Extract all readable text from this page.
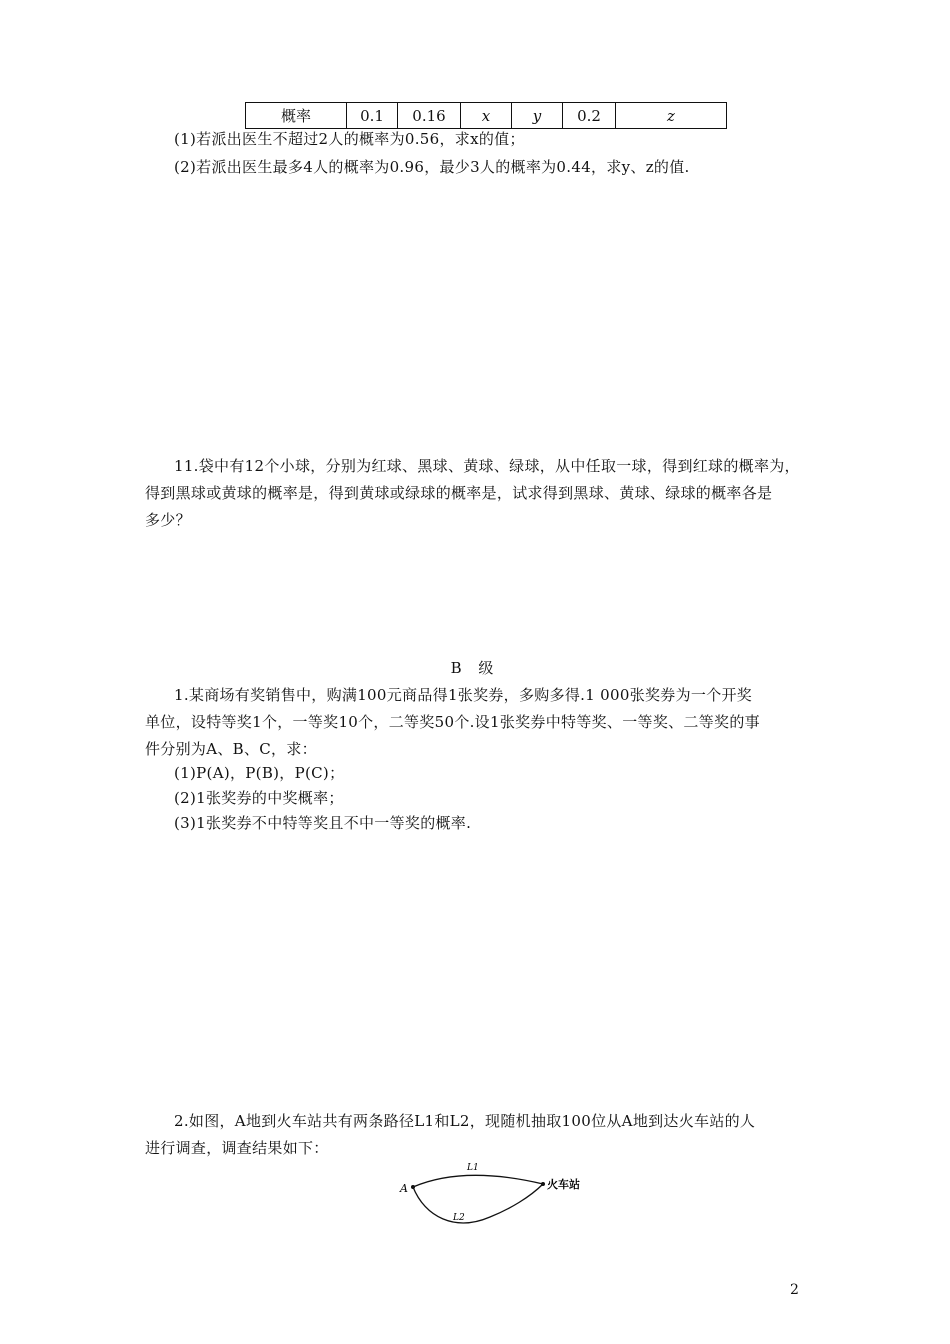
概率	0.1	0.16	x	y	0.2	z
(1)若派出医生不超过2人的概率为0.56，求x的值；
(2)若派出医生最多4人的概率为0.96，最少3人的概率为0.44，求y、z的值.
11.袋中有12个小球，分别为红球、黑球、黄球、绿球，从中任取一球，得到红球的概率为，
得到黑球或黄球的概率是，得到黄球或绿球的概率是，试求得到黑球、黄球、绿球的概率各是
多少？
B 级
1.某商场有奖销售中，购满100元商品得1张奖券，多购多得.1 000张奖券为一个开奖
单位，设特等奖1个，一等奖10个，二等奖50个.设1张奖券中特等奖、一等奖、二等奖的事
件分别为A、B、C，求：
(1)P(A)，P(B)，P(C)；
(2)1张奖券的中奖概率；
(3)1张奖券不中特等奖且不中一等奖的概率.
2.如图，A地到火车站共有两条路径L1和L2，现随机抽取100位从A地到达火车站的人
进行调查，调查结果如下：
A	火车站
L1
L2
2
